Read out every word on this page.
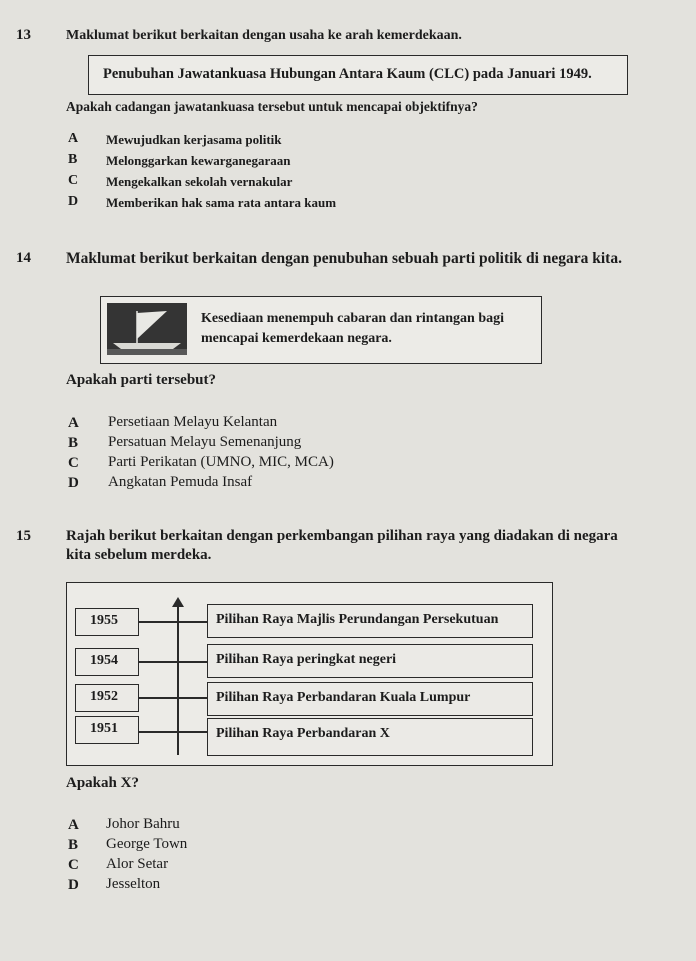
13	Maklumat berikut berkaitan dengan usaha ke arah kemerdekaan.
Penubuhan Jawatankuasa Hubungan Antara Kaum (CLC) pada Januari 1949.
Apakah cadangan jawatankuasa tersebut untuk mencapai objektifnya?
A Mewujudkan kerjasama politik
B Melonggarkan kewarganegaraan
C Mengekalkan sekolah vernakular
D Memberikan hak sama rata antara kaum
14 Maklumat berikut berkaitan dengan penubuhan sebuah parti politik di negara kita.
Kesediaan menempuh cabaran dan rintangan bagi mencapai kemerdekaan negara.
Apakah parti tersebut?
A Persetiaan Melayu Kelantan
B Persatuan Melayu Semenanjung
C Parti Perikatan (UMNO, MIC, MCA)
D Angkatan Pemuda Insaf
15 Rajah berikut berkaitan dengan perkembangan pilihan raya yang diadakan di negara
kita sebelum merdeka.
1955
1954
1952
1951
Pilihan Raya Majlis Perundangan Persekutuan
Pilihan Raya peringkat negeri
Pilihan Raya Perbandaran Kuala Lumpur
Pilihan Raya Perbandaran X
Apakah X?
A Johor Bahru
B George Town
C Alor Setar
D Jesselton
